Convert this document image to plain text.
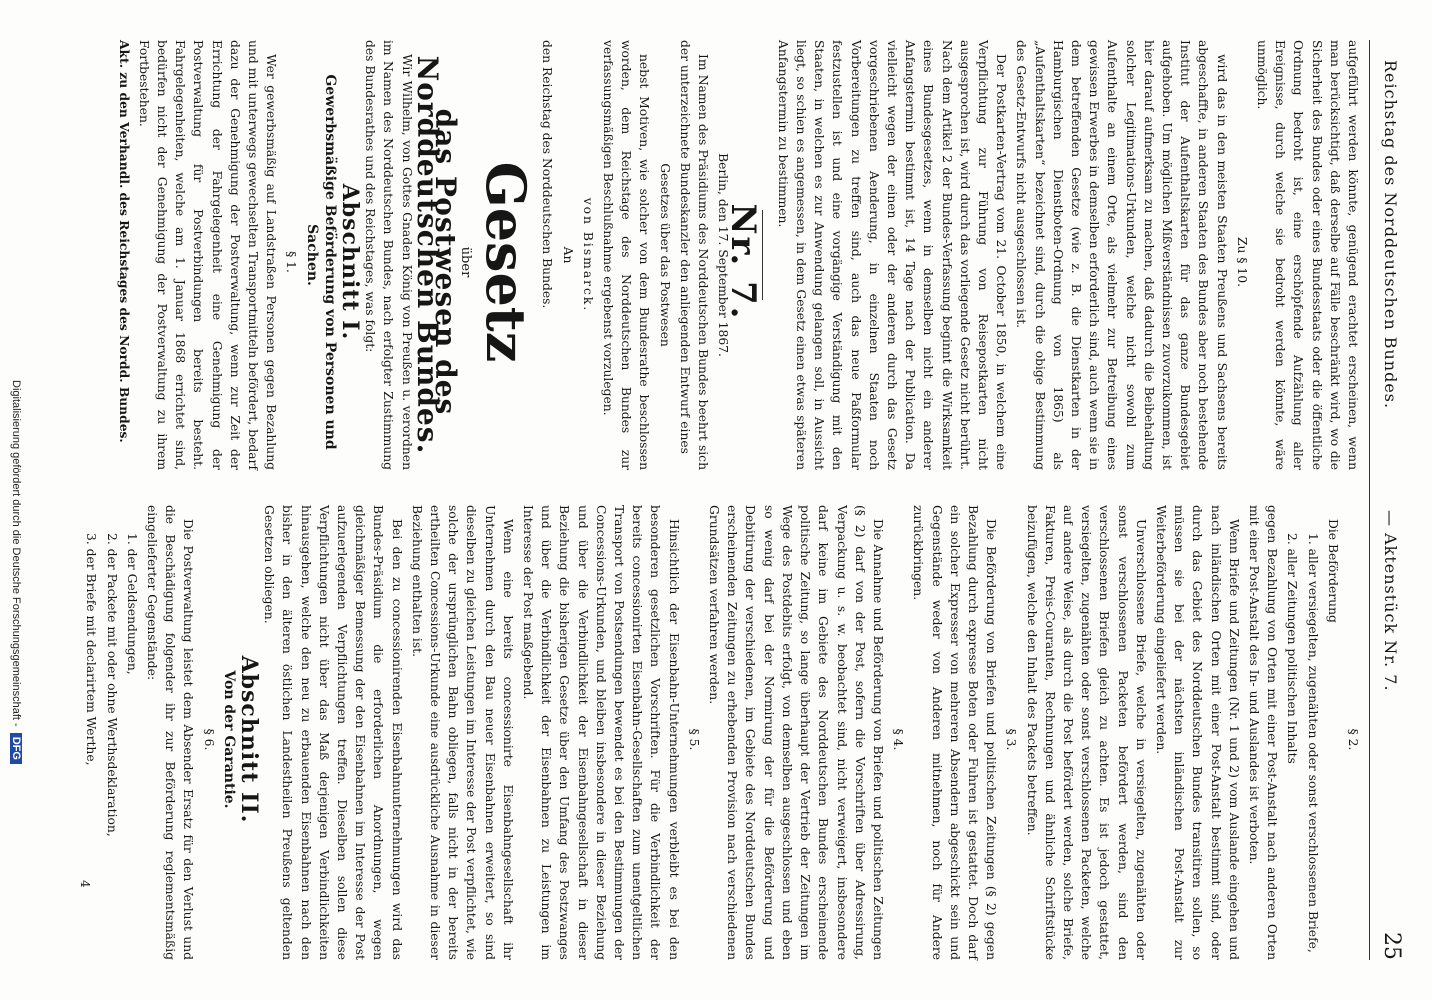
Reichstag des Norddeutschen Bundes.
— Aktenstück Nr. 7.
25

aufgeführt werden könnte, genügend erachtet erscheinen, wenn man berücksichtigt, daß derselbe auf Fälle beschränkt wird, wo die Sicherheit des Bundes oder eines Bundesstaats oder die öffentliche Ordnung bedroht ist, eine erschöpfende Aufzählung aller Ereignisse, durch welche sie bedroht werden könnte, wäre unmöglich.

Zu § 10.

wird das in den meisten Staaten Preußens und Sachsens bereits abgeschaffte, in anderen Staaten des Bundes aber noch bestehende Institut der Aufenthaltskarten für das ganze Bundesgebiet aufgehoben. Um möglichen Mißverständnissen zuvorzukommen, ist hier darauf aufmerksam zu machen, daß dadurch die Beibehaltung solcher Legitimations-Urkunden, welche nicht sowohl zum Aufenthalte an einem Orte, als vielmehr zur Betreibung eines gewissen Erwerbes in demselben erforderlich sind, auch wenn sie in dem betreffenden Gesetze (wie z. B. die Dienstkarten in der Hamburgischen Dienstboten-Ordnung von 1865) als „Aufenthaltskarten“ bezeichnet sind, durch die obige Bestimmung des Gesetz-Entwurfs nicht ausgeschlossen ist.

Der Postkarten-Vertrag vom 21. October 1850, in welchem eine Verpflichtung zur Führung von Reisepostkarten nicht ausgesprochen ist, wird durch das vorliegende Gesetz nicht berührt. Nach dem Artikel 2 der Bundes-Verfassung beginnt die Wirksamkeit eines Bundesgesetzes, wenn in demselben nicht ein anderer Anfangstermin bestimmt ist, 14 Tage nach der Publication. Da vielleicht wegen der einen oder der anderen durch das Gesetz vorgeschriebenen Aenderung, in einzelnen Staaten noch Vorbereitungen zu treffen sind, auch das neue Paßformular festzustellen ist und eine vorgängige Verständigung mit den Staaten, in welchen es zur Anwendung gelangen soll, in Aussicht liegt, so schien es angemessen, in dem Gesetz einen etwas späteren Anfangstermin zu bestimmen.

Nr. 7.

Berlin, den 17. September 1867.

Im Namen des Präsidiums des Norddeutschen Bundes beehrt sich der unterzeichnete Bundeskanzler den anliegenden Entwurf eines

Gesetzes über das Postwesen

nebst Motiven, wie solcher von dem Bundesrathe beschlossen worden, dem Reichstage des Norddeutschen Bundes zur verfassungsmäßigen Beschlußnahme ergebenst vorzulegen.

von Bismarck.

An

den Reichstag des Norddeutschen Bundes.

Gesetz

über

das Postwesen des Norddeutschen Bundes.

Wir Wilhelm, von Gottes Gnaden König von Preußen u. verordnen im Namen des Norddeutschen Bundes, nach erfolgter Zustimmung des Bundesrathes und des Reichstages, was folgt:

Abschnitt I.

Gewerbsmäßige Beförderung von Personen und Sachen.

§ 1.

Wer gewerbsmäßig auf Landstraßen Personen gegen Bezahlung und mit unterwegs gewechselten Transportmitteln befördert, bedarf dazu der Genehmigung der Postverwaltung, wenn zur Zeit der Errichtung der Fahrgelegenheit eine Genehmigung der Postverwaltung für Postverbindungen bereits besteht. Fahrgelegenheiten, welche am 1. Januar 1868 errichtet sind, bedürfen nicht der Genehmigung der Postverwaltung zu ihrem Fortbestehen.

Akt. zu den Verhandl. des Reichstages des Nordd. Bundes.

§ 2.

Die Beförderung

1. aller versiegelten, zugenähten oder sonst verschlossenen Briefe,

2. aller Zeitungen politischen Inhalts

gegen Bezahlung von Orten mit einer Post-Anstalt nach anderen Orten mit einer Post-Anstalt des In- und Auslandes ist verboten.

Wenn Briefe und Zeitungen (Nr. 1 und 2) vom Auslande eingehen und nach inländischen Orten mit einer Post-Anstalt bestimmt sind, oder durch das Gebiet des Norddeutschen Bundes transitiren sollen, so müssen sie bei der nächsten inländischen Post-Anstalt zur Weiterbeförderung eingeliefert werden.

Unverschlossene Briefe, welche in versiegelten, zugenähten oder sonst verschlossenen Packeten befördert werden, sind den verschlossenen Briefen gleich zu achten. Es ist jedoch gestattet, versiegelten, zugenähten oder sonst verschlossenen Packeten, welche auf andere Weise, als durch die Post befördert werden, solche Briefe, Fakturen, Preis-Couranten, Rechnungen und ähnliche Schriftstücke beizufügen, welche den Inhalt des Packets betreffen.

§ 3.

Die Beförderung von Briefen und politischen Zeitungen (§ 2) gegen Bezahlung durch expresse Boten oder Fuhren ist gestattet. Doch darf ein solcher Expresser von mehreren Absendern abgeschickt sein und Gegenstände weder von Anderen mitnehmen, noch für Andere zurückbringen.

§ 4.

Die Annahme und Beförderung von Briefen und politischen Zeitungen (§ 2) darf von der Post, sofern die Vorschriften über Adressirung, Verpackung u. s. w. beobachtet sind, nicht verweigert, insbesondere darf keine im Gebiete des Norddeutschen Bundes erscheinende politische Zeitung, so lange überhaupt der Vertrieb der Zeitungen im Wege des Postdebits erfolgt, von demselben ausgeschlossen und eben so wenig darf bei der Normirung der für die Beförderung und Debitirung der verschiedenen, im Gebiete des Norddeutschen Bundes erscheinenden Zeitungen zu erhebenden Provision nach verschiedenen Grundsätzen verfahren werden.

§ 5.

Hinsichtlich der Eisenbahn-Unternehmungen verbleibt es bei den besonderen gesetzlichen Vorschriften. Für die Verbindlichkeit der bereits concessionirten Eisenbahn-Gesellschaften zum unentgeltlichen Transport von Postsendungen bewendet es bei den Bestimmungen der Concessions-Urkunden, und bleiben insbesondere in dieser Beziehung und über die Verbindlichkeit der Eisenbahngesellschaft in dieser Beziehung die bisherigen Gesetze über den Umfang des Postzwanges und über die Verbindlichkeit der Eisenbahnen zu Leistungen im Interesse der Post maßgebend.

Wenn eine bereits concessionirte Eisenbahngesellschaft ihr Unternehmen durch den Bau neuer Eisenbahnen erweitert, so sind dieselben zu gleichen Leistungen im Interesse der Post verpflichtet, wie solche der ursprünglichen Bahn obliegen, falls nicht in der bereits ertheilten Concessions-Urkunde eine ausdrückliche Ausnahme in dieser Beziehung enthalten ist.

Bei den zu concessionirenden Eisenbahnunternehmungen wird das Bundes-Präsidium die erforderlichen Anordnungen, wegen gleichmäßiger Bemessung der den Eisenbahnen im Interesse der Post aufzuerlegenden Verpflichtungen treffen. Dieselben sollen diese Verpflichtungen nicht über das Maß derjenigen Verbindlichkeiten hinausgehen, welche den neu zu erbauenden Eisenbahnen nach den bisher in den älteren östlichen Landestheilen Preußens geltenden Gesetzen obliegen.

Abschnitt II.

Von der Garantie.

§ 6.

Die Postverwaltung leistet dem Absender Ersatz für den Verlust und die Beschädigung folgender ihr zur Beförderung reglementsmäßig eingelieferter Gegenstände:

1. der Geldsendungen,

2. der Packete mit oder ohne Werthsdeklaration,

3. der Briefe mit declarirtem Werthe,

4
Digitalisierung gefördert durch die Deutsche Forschungsgemeinschaft -DFG
